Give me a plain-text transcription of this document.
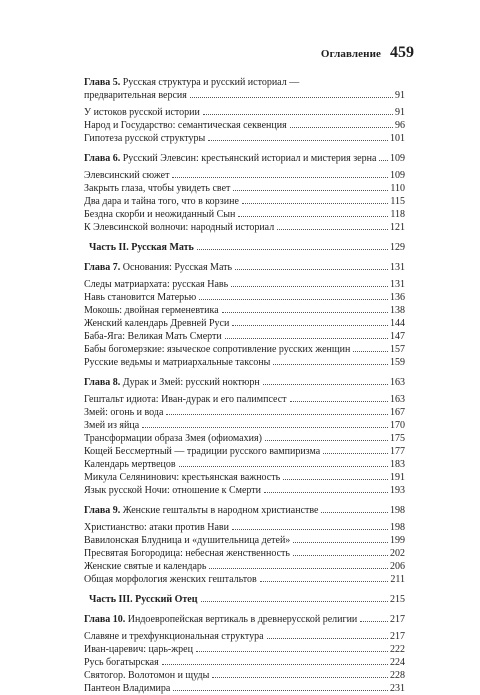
Оглавление 459
Глава 5. Русская структура и русский историал —
предварительная версия	91
У истоков русской истории	91
Народ и Государство: семантическая секвенция	96
Гипотеза русской структуры	101
Глава 6. Русский Элевсин: крестьянский историал и мистерия зерна 109
Элевсинский сюжет	109
Закрыть глаза, чтобы увидеть свет	110
Два дара и тайна того, что в корзине	115
Бездна скорби и неожиданный Сын	118
К Элевсинской волночи: народный историал	121
Часть II. Русская Мать	129
Глава 7. Основания: Русская Мать	131
Следы матриархата: русская Навь	131
Навь становится Матерью	136
Мокошь: двойная герменевтика	138
Женский календарь Древней Руси	144
Баба-Яга: Великая Мать Смерти	147
Бабы богомерзкие: языческое сопротивление русских женщин	157
Русские ведьмы и матриархальные таксоны	159
Глава 8. Дурак и Змей: русский ноктюрн	163
Гештальт идиота: Иван-дурак и его палимпсест	163
Змей: огонь и вода	167
Змей из яйца	170
Трансформации образа Змея (офиомахия)	175
Кощей Бессмертный — традиции русского вампиризма	177
Календарь мертвецов	183
Микула Селянинович: крестьянская важность	191
Язык русской Ночи: отношение к Смерти	193
Глава 9. Женские гештальты в народном христианстве	198
Христианство: атаки против Нави	198
Вавилонская Блудница и «душительница детей»	199
Пресвятая Богородица: небесная женственность	202
Женские святые и календарь	206
Общая морфология женских гештальтов	211
Часть III. Русский Отец	215
Глава 10. Индоевропейская вертикаль в древнерусской религии	217
Славяне и трехфункциональная структура	217
Иван-царевич: царь-жрец	222
Русь богатырская	224
Святогор. Волотомон и щуды	228
Пантеон Владимира	231
